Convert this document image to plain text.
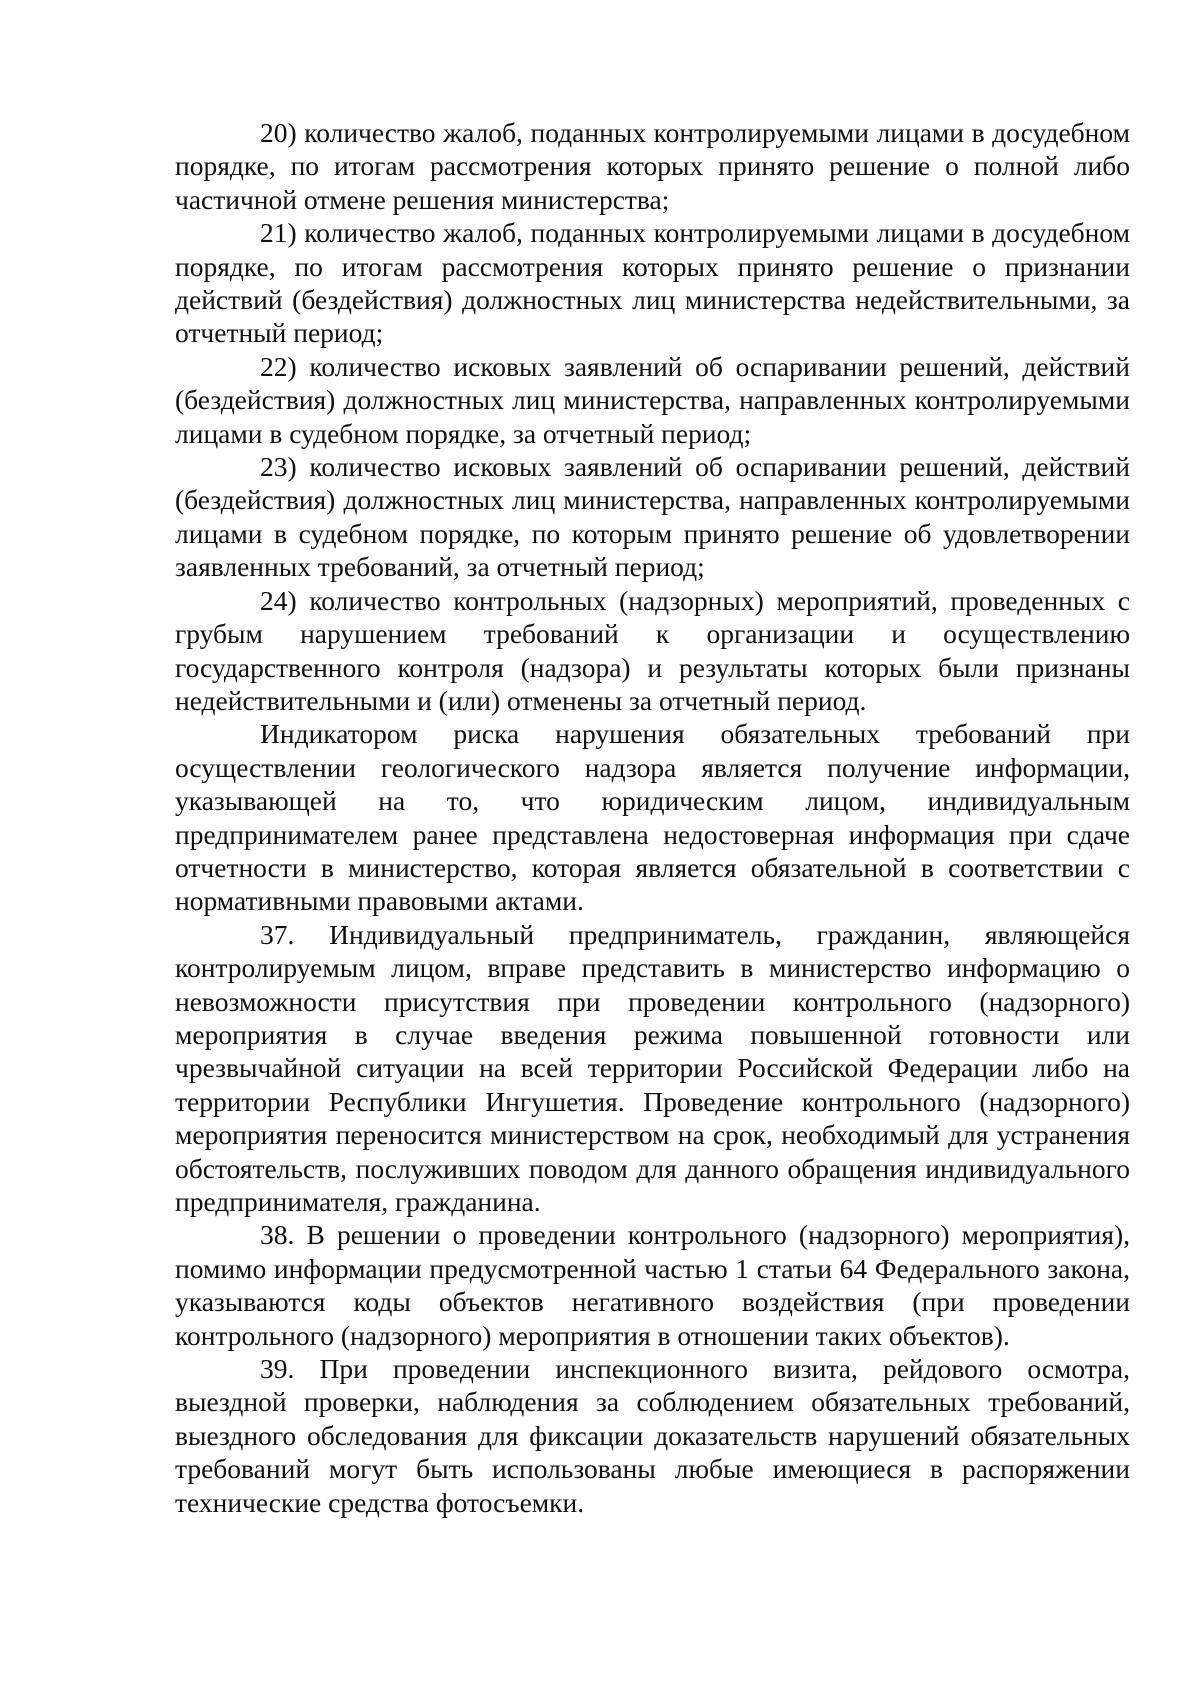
20) количество жалоб, поданных контролируемыми лицами в досудебном порядке, по итогам рассмотрения которых принято решение о полной либо частичной отмене решения министерства;

21) количество жалоб, поданных контролируемыми лицами в досудебном порядке, по итогам рассмотрения которых принято решение о признании действий (бездействия) должностных лиц министерства недействительными, за отчетный период;

22) количество исковых заявлений об оспаривании решений, действий (бездействия) должностных лиц министерства, направленных контролируемыми лицами в судебном порядке, за отчетный период;

23) количество исковых заявлений об оспаривании решений, действий (бездействия) должностных лиц министерства, направленных контролируемыми лицами в судебном порядке, по которым принято решение об удовлетворении заявленных требований, за отчетный период;

24) количество контрольных (надзорных) мероприятий, проведенных с грубым нарушением требований к организации и осуществлению государственного контроля (надзора) и результаты которых были признаны недействительными и (или) отменены за отчетный период.

Индикатором риска нарушения обязательных требований при осуществлении геологического надзора является получение информации, указывающей на то, что юридическим лицом, индивидуальным предпринимателем ранее представлена недостоверная информация при сдаче отчетности в министерство, которая является обязательной в соответствии с нормативными правовыми актами.

37. Индивидуальный предприниматель, гражданин, являющейся контролируемым лицом, вправе представить в министерство информацию о невозможности присутствия при проведении контрольного (надзорного) мероприятия в случае введения режима повышенной готовности или чрезвычайной ситуации на всей территории Российской Федерации либо на территории Республики Ингушетия. Проведение контрольного (надзорного) мероприятия переносится министерством на срок, необходимый для устранения обстоятельств, послуживших поводом для данного обращения индивидуального предпринимателя, гражданина.

38. В решении о проведении контрольного (надзорного) мероприятия), помимо информации предусмотренной частью 1 статьи 64 Федерального закона, указываются коды объектов негативного воздействия (при проведении контрольного (надзорного) мероприятия в отношении таких объектов).

39. При проведении инспекционного визита, рейдового осмотра, выездной проверки, наблюдения за соблюдением обязательных требований, выездного обследования для фиксации доказательств нарушений обязательных требований могут быть использованы любые имеющиеся в распоряжении технические средства фотосъемки.
